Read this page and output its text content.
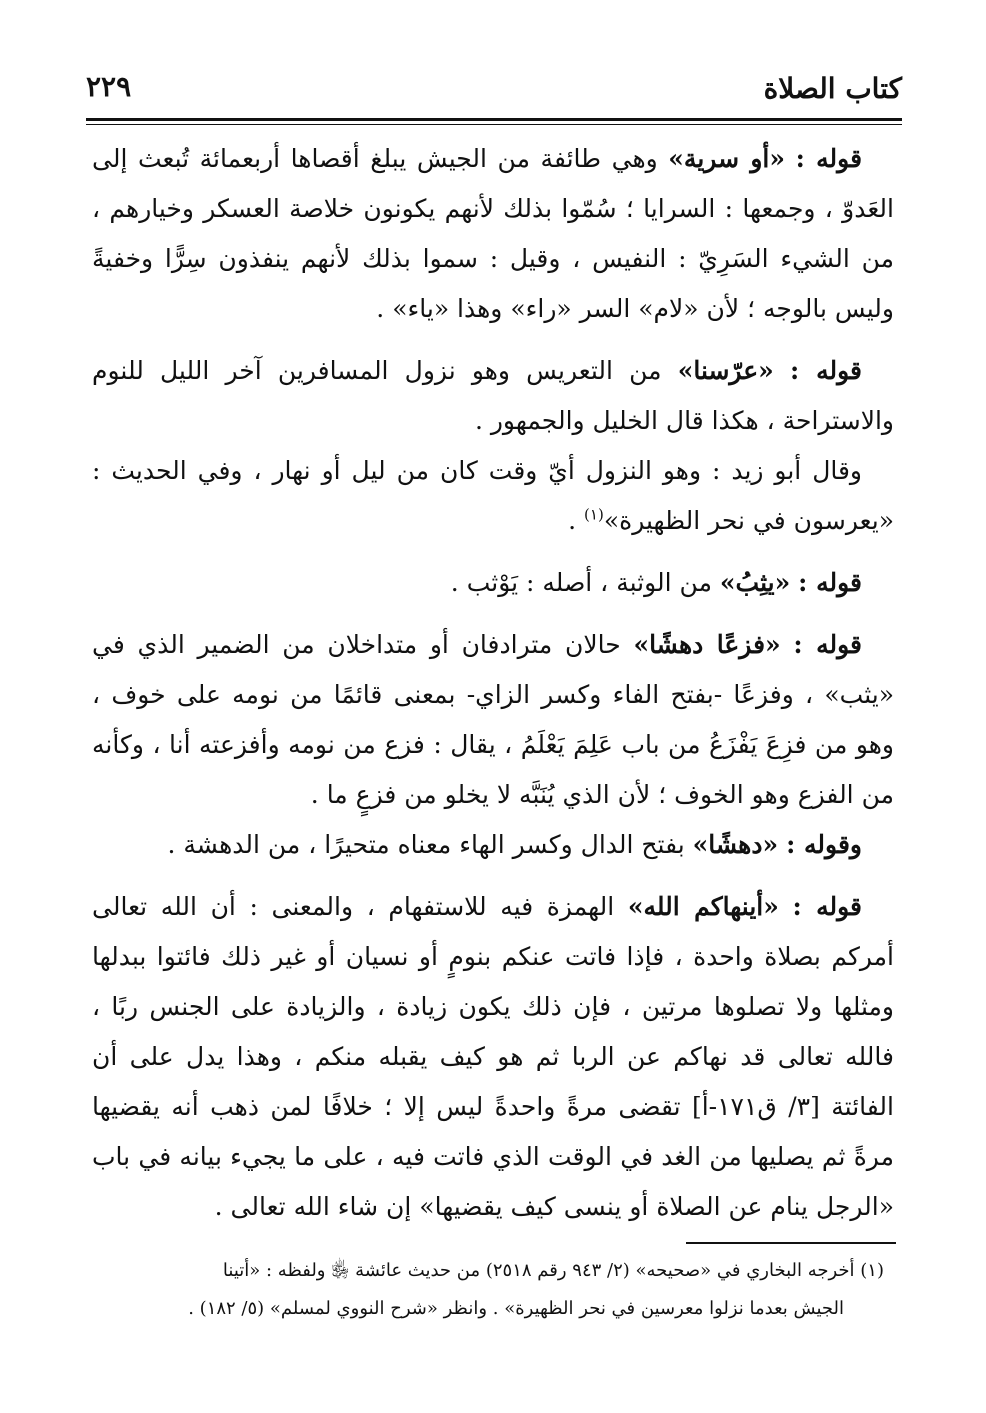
كتاب الصلاة
٢٢٩

قوله : «أو سرية» وهي طائفة من الجيش يبلغ أقصاها أربعمائة تُبعث إلى العَدوّ ، وجمعها : السرايا ؛ سُمّوا بذلك لأنهم يكونون خلاصة العسكر وخيارهم ، من الشيء السَرِيّ : النفيس ، وقيل : سموا بذلك لأنهم ينفذون سِرًّا وخفيةً وليس بالوجه ؛ لأن «لام» السر «راء» وهذا «ياء» .

قوله : «عرّسنا» من التعريس وهو نزول المسافرين آخر الليل للنوم والاستراحة ، هكذا قال الخليل والجمهور .

وقال أبو زيد : وهو النزول أيّ وقت كان من ليل أو نهار ، وفي الحديث : «يعرسون في نحر الظهيرة»$^{(١)}$ .

قوله : «يثِبُ» من الوثبة ، أصله : يَوْثب .

قوله : «فزعًا دهشًا» حالان مترادفان أو متداخلان من الضمير الذي في «يثب» ، وفزعًا -بفتح الفاء وكسر الزاي- بمعنى قائمًا من نومه على خوف ، وهو من فزِعَ يَفْزَعُ من باب عَلِمَ يَعْلَمُ ، يقال : فزع من نومه وأفزعته أنا ، وكأنه من الفزع وهو الخوف ؛ لأن الذي يُنَبَّه لا يخلو من فزعٍ ما .

وقوله : «دهشًا» بفتح الدال وكسر الهاء معناه متحيرًا ، من الدهشة .

قوله : «أينهاكم الله» الهمزة فيه للاستفهام ، والمعنى : أن الله تعالى أمركم بصلاة واحدة ، فإذا فاتت عنكم بنومٍ أو نسيان أو غير ذلك فائتوا ببدلها ومثلها ولا تصلوها مرتين ، فإن ذلك يكون زيادة ، والزيادة على الجنس ربًا ، فالله تعالى قد نهاكم عن الربا ثم هو كيف يقبله منكم ، وهذا يدل على أن الفائتة [٣/ ق١٧١-أ] تقضى مرةً واحدةً ليس إلا ؛ خلافًا لمن ذهب أنه يقضيها مرةً ثم يصليها من الغد في الوقت الذي فاتت فيه ، على ما يجيء بيانه في باب «الرجل ينام عن الصلاة أو ينسى كيف يقضيها» إن شاء الله تعالى .

(١) أخرجه البخاري في «صحيحه» (٢/ ٩٤٣ رقم ٢٥١٨) من حديث عائشة ﵂ ولفظه : «أتينا
الجيش بعدما نزلوا معرسين في نحر الظهيرة» . وانظر «شرح النووي لمسلم» (٥/ ١٨٢) .
